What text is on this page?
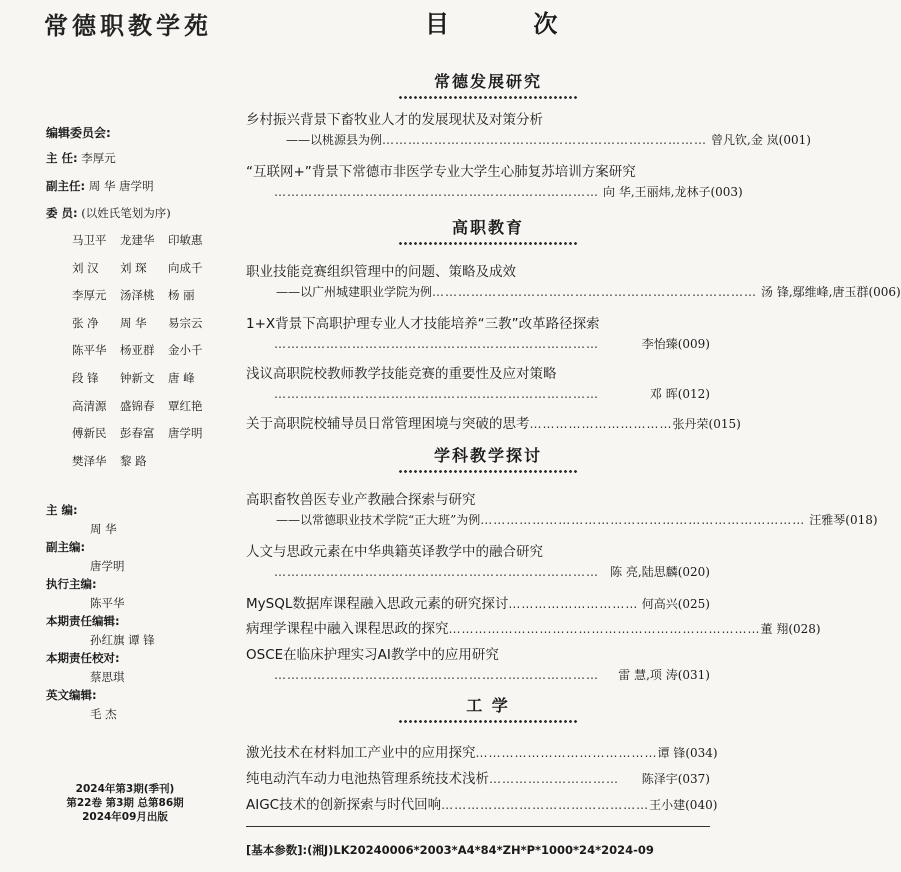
常德职教学苑
编辑委员会:
主 任: 李厚元
副主任: 周 华 唐学明
委 员: (以姓氏笔划为序)
马卫平 龙建华 印敏惠
刘 汉 刘 琛 向成千
李厚元 汤泽桃 杨 丽
张 净 周 华 易宗云
陈平华 杨亚群 金小千
段 锋 钟新文 唐 峰
高清源 盛锦春 覃红艳
傅新民 彭春富 唐学明
樊泽华 黎 路
主 编:
周 华
副主编:
唐学明
执行主编:
陈平华
本期责任编辑:
孙红旗 谭 锋
本期责任校对:
蔡思琪
英文编辑:
毛 杰
2024年第3期(季刊)
第22卷 第3期 总第86期
2024年09月出版
目 次
常德发展研究
乡村振兴背景下畜牧业人才的发展现状及对策分析
——以桃源县为例 ………………………………………………………………… 曾凡钦,金 岚 (001)
“互联网+”背景下常德市非医学专业大学生心肺复苏培训方案研究
………………………………………………………………… 向 华,王丽炜,龙林子 (003)
高职教育
职业技能竞赛组织管理中的问题、策略及成效
——以广州城建职业学院为例 ………………………………………………………………… 汤 锋,鄢维峰,唐玉群 (006)
1+X背景下高职护理专业人才技能培养“三教”改革路径探索
…………………………………………………………………	李怡臻 (009)
浅议高职院校教师教学技能竞赛的重要性及应对策略
…………………………………………………………………	邓 晖 (012)
关于高职院校辅导员日常管理困境与突破的思考 …………………………… 张丹荣 (015)
学科教学探讨
高职畜牧兽医专业产教融合探索与研究
——以常德职业技术学院“正大班”为例 ………………………………………………………………… 汪雅琴 (018)
人文与思政元素在中华典籍英译教学中的融合研究
………………………………………………………………… 陈 亮,陆思麟 (020)
MySQL数据库课程融入思政元素的研究探讨 ………………………… 何高兴 (025)
病理学课程中融入课程思政的探究 ……………………………………………………………… 董 翔 (028)
OSCE在临床护理实习AI教学中的应用研究
…………………………………………………………………	雷 慧,项 涛 (031)
工 学
激光技术在材料加工产业中的应用探究 …………………………………… 谭 锋 (034)
纯电动汽车动力电池热管理系统技术浅析 …………………………	陈泽宇 (037)
AIGC技术的创新探索与时代回响 ………………………………………… 王小建 (040)
[基本参数]:(湘J)LK20240006*2003*A4*84*ZH*P*1000*24*2024-09
